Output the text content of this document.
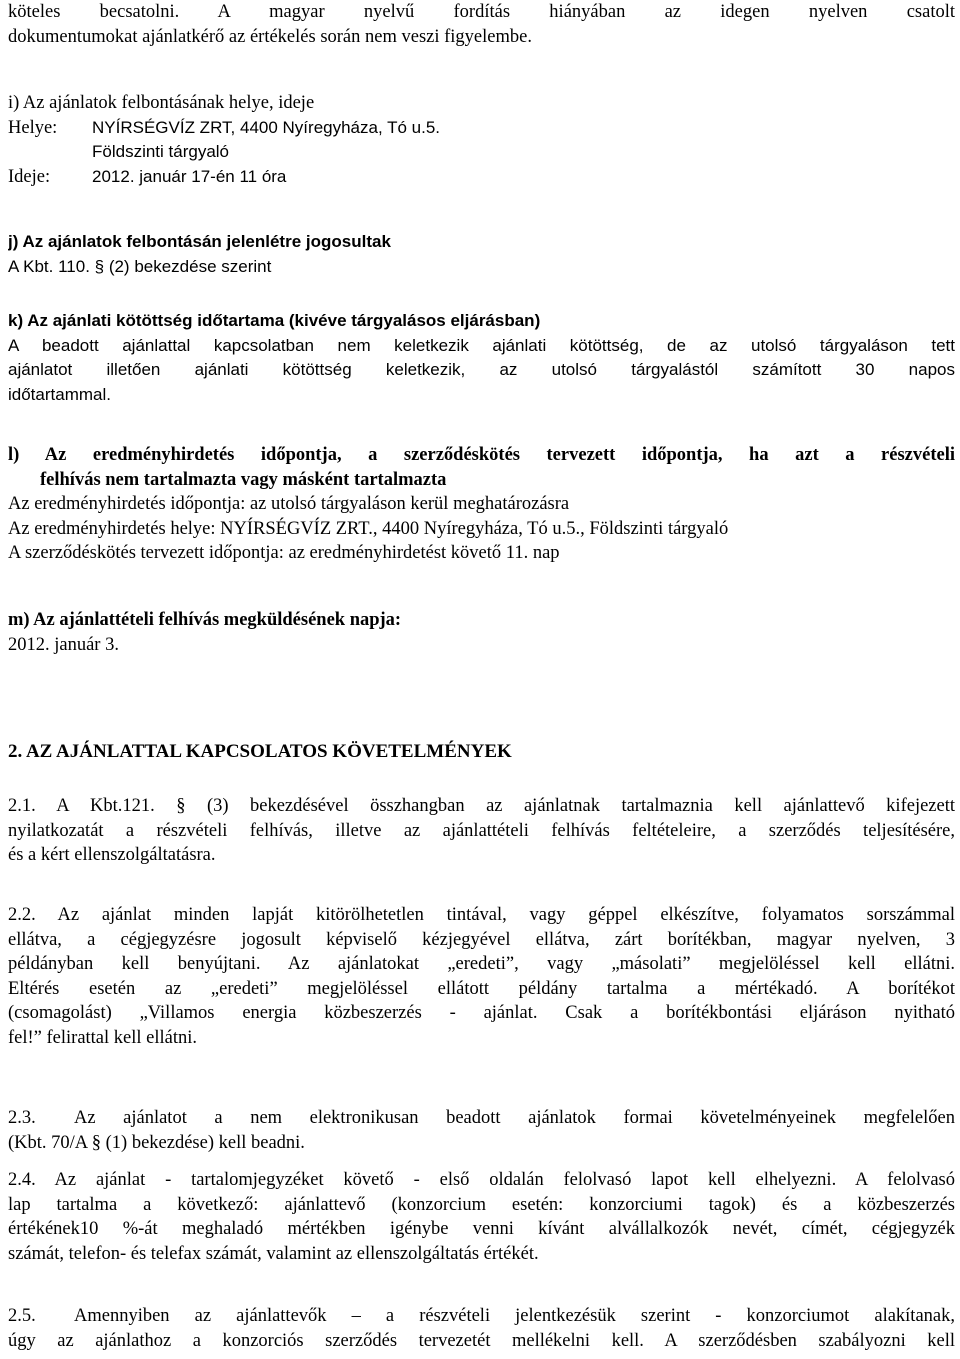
köteles becsatolni. A magyar nyelvű fordítás hiányában az idegen nyelven csatolt
dokumentumokat ajánlatkérő az értékelés során nem veszi figyelembe.
i) Az ajánlatok felbontásának helye, ideje
Helye: NYÍRSÉGVÍZ ZRT, 4400 Nyíregyháza, Tó u.5.
Földszinti tárgyaló
Ideje: 2012. január 17-én 11 óra
j) Az ajánlatok felbontásán jelenlétre jogosultak
A Kbt. 110. § (2) bekezdése szerint
k) Az ajánlati kötöttség időtartama (kivéve tárgyalásos eljárásban)
A beadott ajánlattal kapcsolatban nem keletkezik ajánlati kötöttség, de az utolsó tárgyaláson tett
ajánlatot illetően ajánlati kötöttség keletkezik, az utolsó tárgyalástól számított 30 napos
időtartammal.
l) Az eredményhirdetés időpontja, a szerződéskötés tervezett időpontja, ha azt a részvételi
felhívás nem tartalmazta vagy másként tartalmazta
Az eredményhirdetés időpontja: az utolsó tárgyaláson kerül meghatározásra
Az eredményhirdetés helye: NYÍRSÉGVÍZ ZRT., 4400 Nyíregyháza, Tó u.5., Földszinti tárgyaló
A szerződéskötés tervezett időpontja: az eredményhirdetést követő 11. nap
m) Az ajánlattételi felhívás megküldésének napja:
2012. január 3.
2. AZ AJÁNLATTAL KAPCSOLATOS KÖVETELMÉNYEK
2.1. A Kbt.121. § (3) bekezdésével összhangban az ajánlatnak tartalmaznia kell ajánlattevő kifejezett
nyilatkozatát a részvételi felhívás, illetve az ajánlattételi felhívás feltételeire, a szerződés teljesítésére,
és a kért ellenszolgáltatásra.
2.2. Az ajánlat minden lapját kitörölhetetlen tintával, vagy géppel elkészítve, folyamatos sorszámmal
ellátva, a cégjegyzésre jogosult képviselő kézjegyével ellátva, zárt borítékban, magyar nyelven, 3
példányban kell benyújtani. Az ajánlatokat „eredeti”, vagy „másolati” megjelöléssel kell ellátni.
Eltérés esetén az „eredeti” megjelöléssel ellátott példány tartalma a mértékadó. A borítékot
(csomagolást) „Villamos energia közbeszerzés - ajánlat. Csak a borítékbontási eljáráson nyitható
fel!” felirattal kell ellátni.
2.3.	Az ajánlatot a nem elektronikusan beadott ajánlatok formai követelményeinek megfelelően
(Kbt. 70/A § (1) bekezdése) kell beadni.
2.4. Az ajánlat - tartalomjegyzéket követő - első oldalán felolvasó lapot kell elhelyezni. A felolvasó
lap tartalma a következő: ajánlattevő (konzorcium esetén: konzorciumi tagok) és a közbeszerzés
értékének10 %-át meghaladó mértékben igénybe venni kívánt alvállalkozók nevét, címét, cégjegyzék
számát, telefon- és telefax számát, valamint az ellenszolgáltatás értékét.
2.5.	Amennyiben az ajánlattevők – a részvételi jelentkezésük szerint - konzorciumot alakítanak,
úgy az ajánlathoz a konzorciós szerződés tervezetét mellékelni kell. A szerződésben szabályozni kell
